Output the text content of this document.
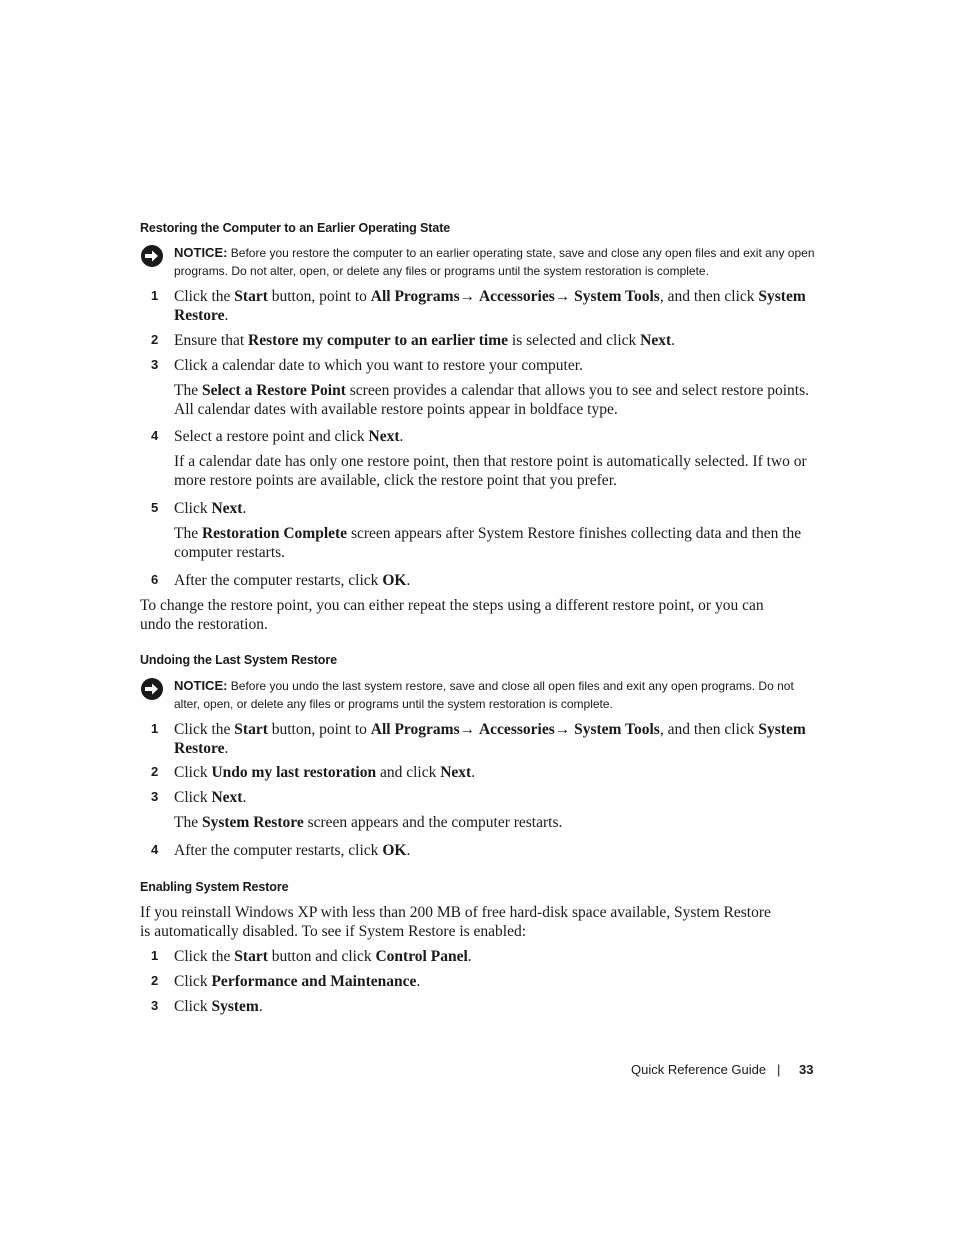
Restoring the Computer to an Earlier Operating State
NOTICE: Before you restore the computer to an earlier operating state, save and close any open files and exit any open programs. Do not alter, open, or delete any files or programs until the system restoration is complete.
1	Click the Start button, point to All Programs→ Accessories→ System Tools, and then click System Restore.
2	Ensure that Restore my computer to an earlier time is selected and click Next.
3	Click a calendar date to which you want to restore your computer.
The Select a Restore Point screen provides a calendar that allows you to see and select restore points. All calendar dates with available restore points appear in boldface type.
4	Select a restore point and click Next.
If a calendar date has only one restore point, then that restore point is automatically selected. If two or more restore points are available, click the restore point that you prefer.
5	Click Next.
The Restoration Complete screen appears after System Restore finishes collecting data and then the computer restarts.
6	After the computer restarts, click OK.
To change the restore point, you can either repeat the steps using a different restore point, or you can undo the restoration.
Undoing the Last System Restore
NOTICE: Before you undo the last system restore, save and close all open files and exit any open programs. Do not alter, open, or delete any files or programs until the system restoration is complete.
1	Click the Start button, point to All Programs→ Accessories→ System Tools, and then click System Restore.
2	Click Undo my last restoration and click Next.
3	Click Next.
The System Restore screen appears and the computer restarts.
4	After the computer restarts, click OK.
Enabling System Restore
If you reinstall Windows XP with less than 200 MB of free hard-disk space available, System Restore is automatically disabled. To see if System Restore is enabled:
1	Click the Start button and click Control Panel.
2	Click Performance and Maintenance.
3	Click System.
Quick Reference Guide | 33
